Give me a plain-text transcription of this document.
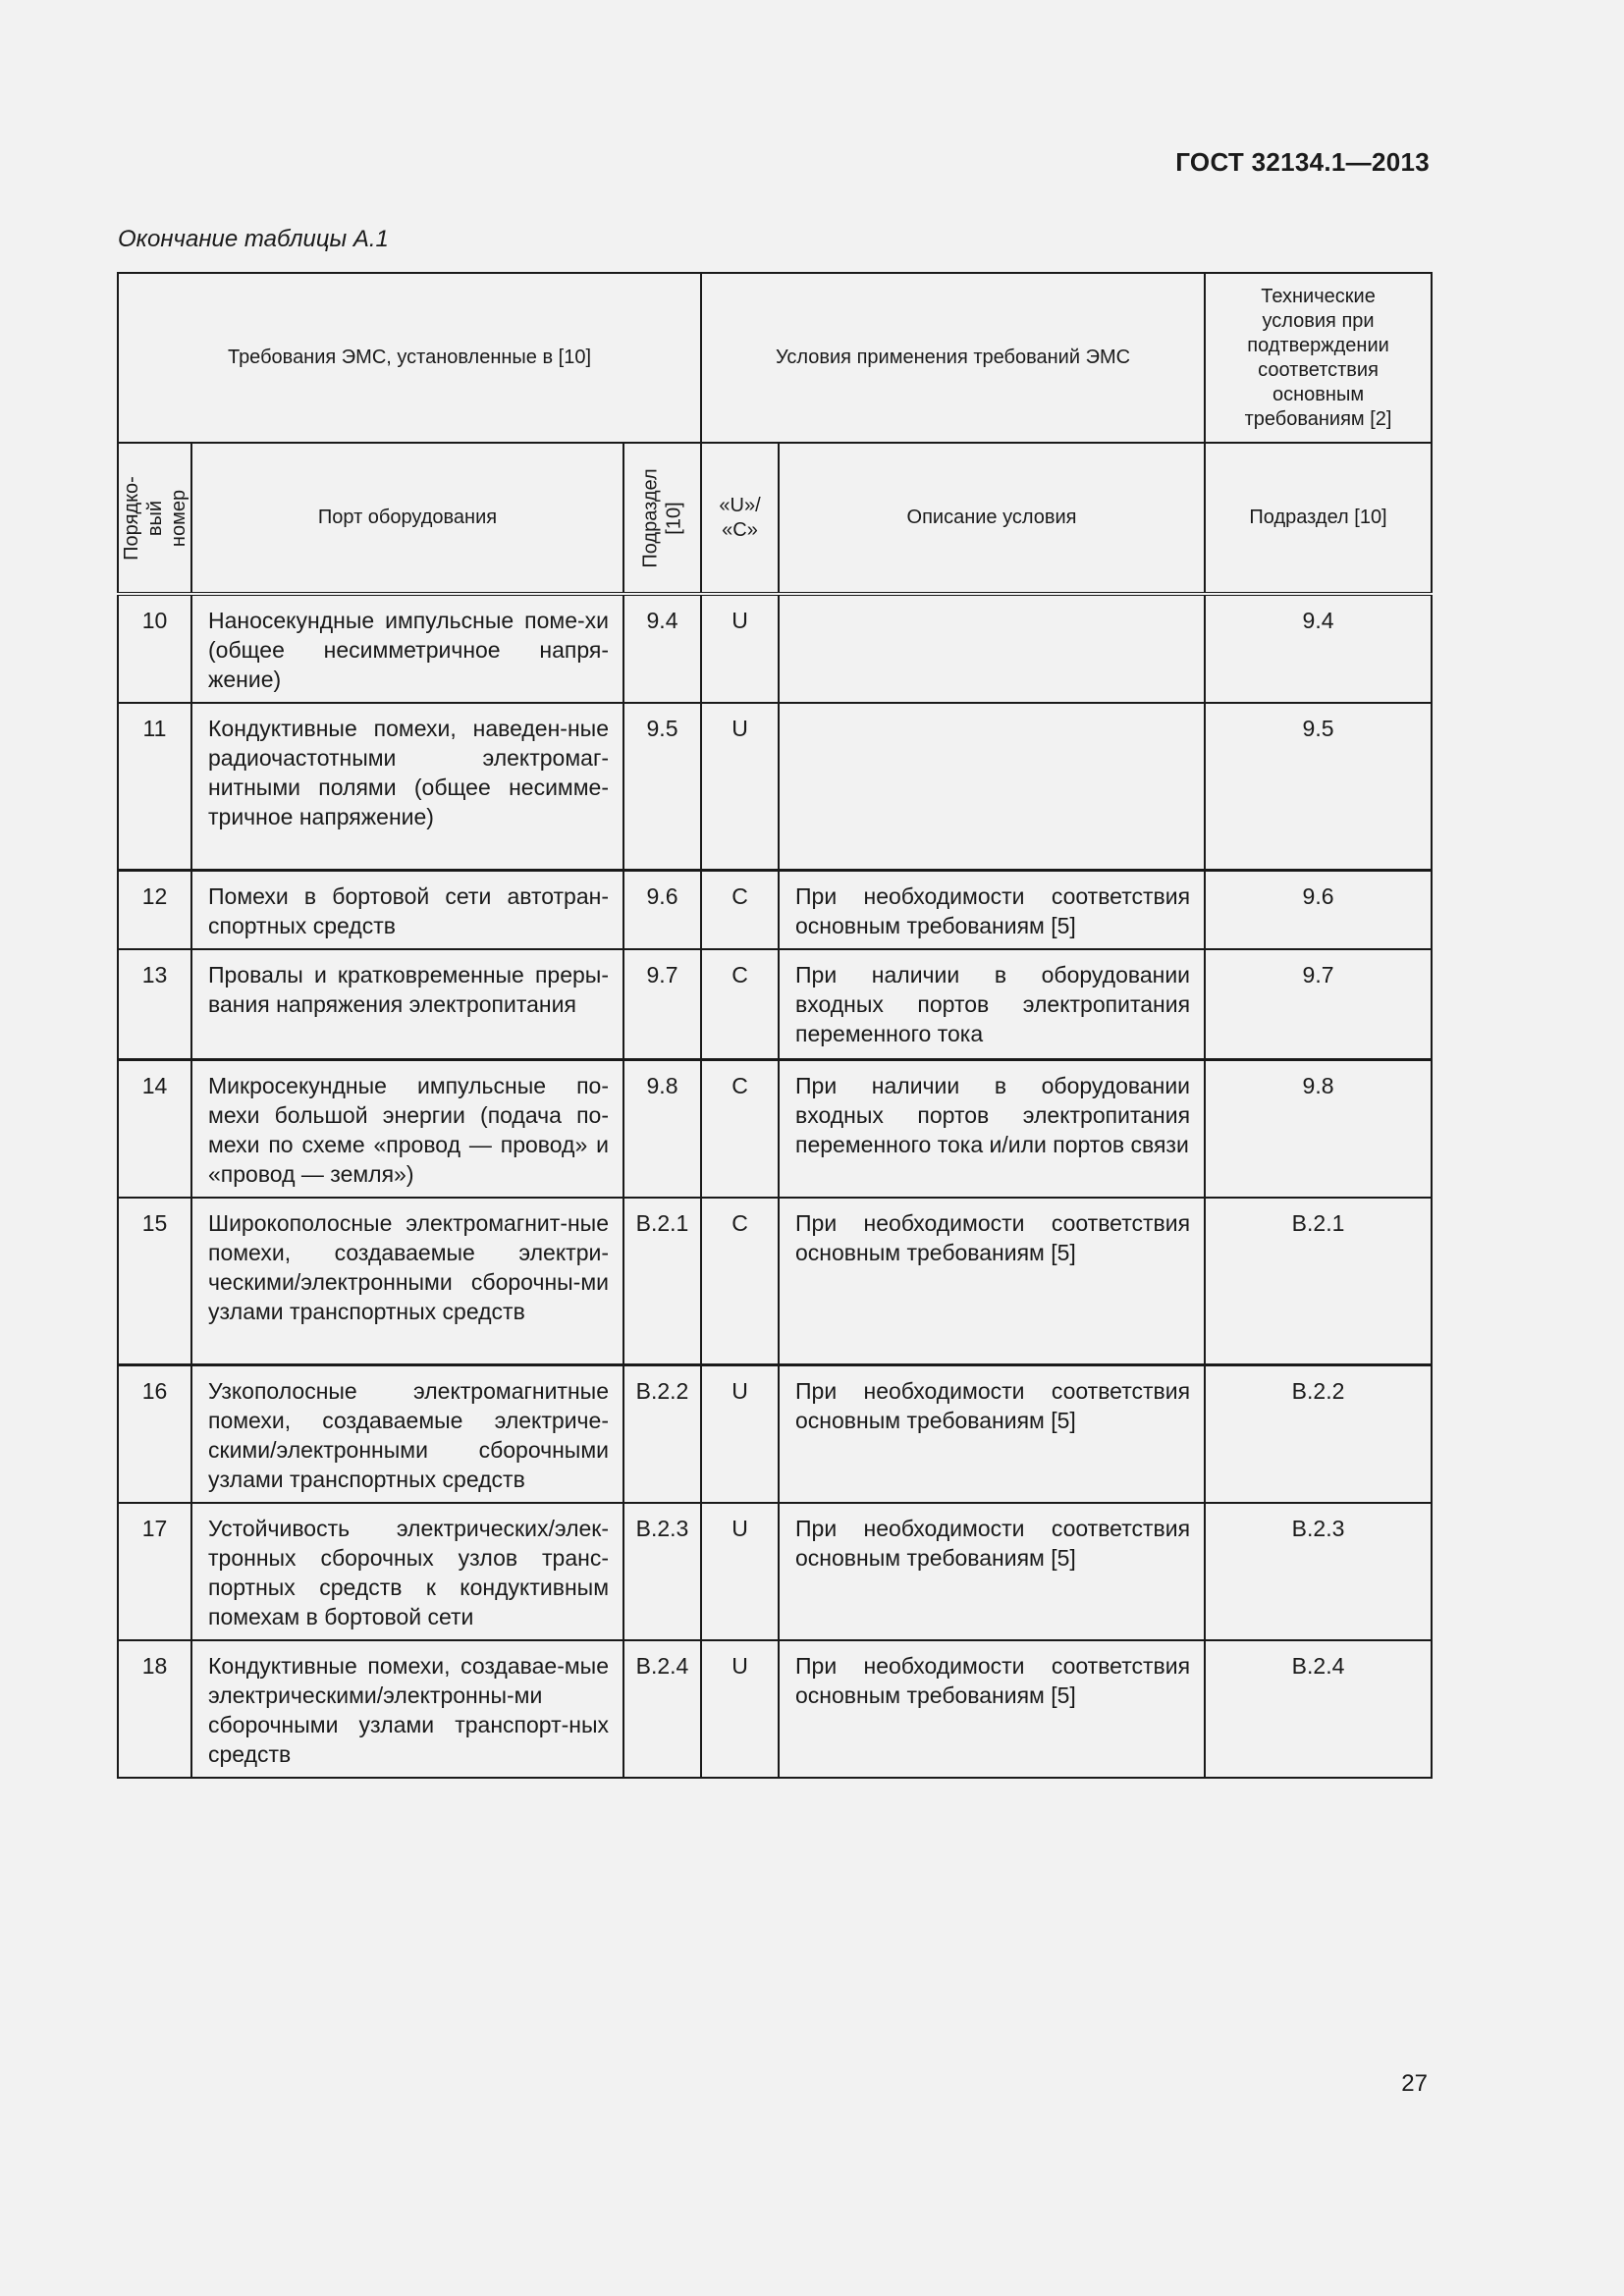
ГОСТ 32134.1—2013
Окончание таблицы А.1
Требования ЭМС, установленные в [10]			Условия применения требований ЭМС		Технические условия при подтверждении соответствия основным требованиям [2]

Порядко-вый номер	Порт оборудования	Подраздел [10]	«U»/ «C»	Описание условия	Подраздел [10]
10	Наносекундные импульсные поме-хи (общее несимметричное напря-жение)	9.4	U		9.4
11	Кондуктивные помехи, наведен-ные радиочастотными электромаг-нитными полями (общее несимме-тричное напряжение)	9.5	U		9.5
12	Помехи в бортовой сети автотран-спортных средств	9.6	C	При необходимости соответствия основным требованиям [5]	9.6
13	Провалы и кратковременные преры-вания напряжения электропитания	9.7	C	При наличии в оборудовании входных портов электропитания переменного тока	9.7
14	Микросекундные импульсные по-мехи большой энергии (подача по-мехи по схеме «провод — провод» и «провод — земля»)	9.8	C	При наличии в оборудовании входных портов электропитания переменного тока и/или портов связи	9.8
15	Широкополосные электромагнит-ные помехи, создаваемые электри-ческими/электронными сборочны-ми узлами транспортных средств	В.2.1	C	При необходимости соответствия основным требованиям [5]	В.2.1
16	Узкополосные электромагнитные помехи, создаваемые электриче-скими/электронными сборочными узлами транспортных средств	В.2.2	U	При необходимости соответствия основным требованиям [5]	В.2.2
17	Устойчивость электрических/элек-тронных сборочных узлов транс-портных средств к кондуктивным помехам в бортовой сети	В.2.3	U	При необходимости соответствия основным требованиям [5]	В.2.3
18	Кондуктивные помехи, создавае-мые электрическими/электронны-ми сборочными узлами транспорт-ных средств	В.2.4	U	При необходимости соответствия основным требованиям [5]	В.2.4
27
